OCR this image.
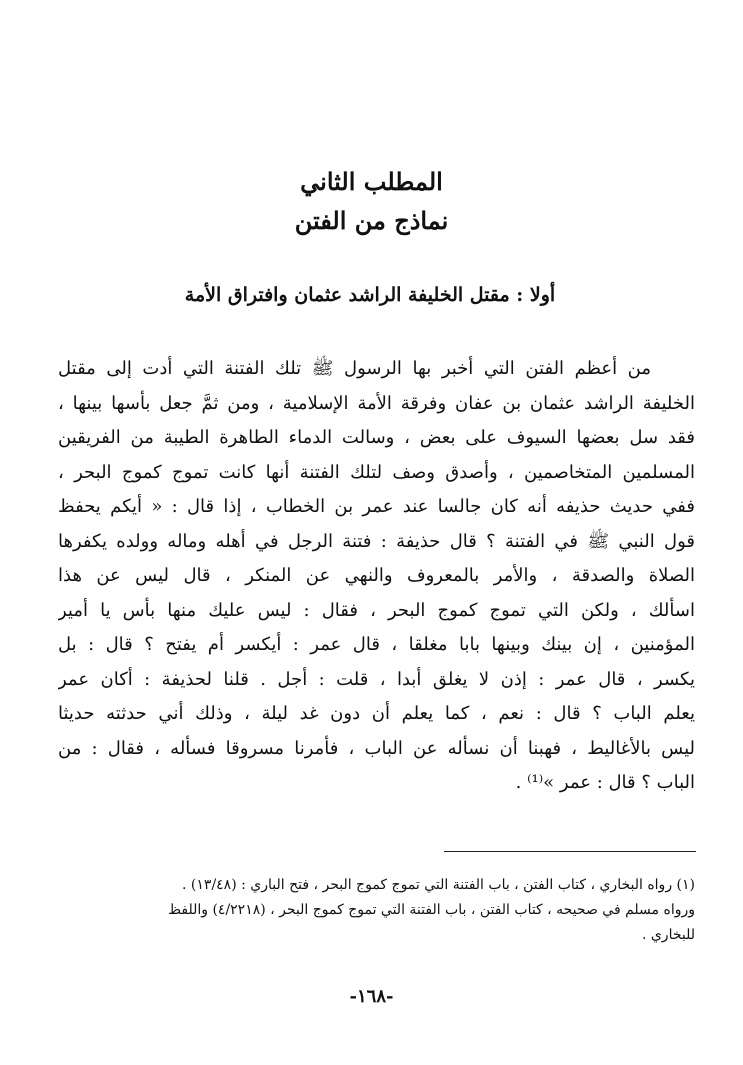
المطلب الثاني
نماذج من الفتن
أولا : مقتل الخليفة الراشد عثمان وافتراق الأمة
من أعظم الفتن التي أخبر بها الرسول ﷺ تلك الفتنة التي أدت إلى مقتل
الخليفة الراشد عثمان بن عفان وفرقة الأمة الإسلامية ، ومن ثمَّ جعل بأسها بينها ،
فقد سل بعضها السيوف على بعض ، وسالت الدماء الطاهرة الطيبة من الفريقين
المسلمين المتخاصمين ، وأصدق وصف لتلك الفتنة أنها كانت تموج كموج البحر ،
ففي حديث حذيفه أنه كان جالسا عند عمر بن الخطاب ، إذا قال : « أيكم يحفظ
قول النبي ﷺ في الفتنة ؟ قال حذيفة : فتنة الرجل في أهله وماله وولده يكفرها
الصلاة والصدقة ، والأمر بالمعروف والنهي عن المنكر ، قال ليس عن هذا
اسألك ، ولكن التي تموج كموج البحر ، فقال : ليس عليك منها بأس يا أمير
المؤمنين ، إن بينك وبينها بابا مغلقا ، قال عمر : أيكسر أم يفتح ؟ قال : بل
يكسر ، قال عمر : إذن لا يغلق أبدا ، قلت : أجل . قلنا لحذيفة : أكان عمر
يعلم الباب ؟ قال : نعم ، كما يعلم أن دون غد ليلة ، وذلك أني حدثته حديثا
ليس بالأغاليط ، فهبنا أن نسأله عن الباب ، فأمرنا مسروقا فسأله ، فقال : من
الباب ؟ قال : عمر »⁽¹⁾ .
(١) رواه البخاري ، كتاب الفتن ، باب الفتنة التي تموج كموج البحر ، فتح الباري : (١٣/٤٨) .
ورواه مسلم في صحيحه ، كتاب الفتن ، باب الفتنة التي تموج كموج البحر ، (٤/٢٢١٨) واللفظ
للبخاري .
-١٦٨-
